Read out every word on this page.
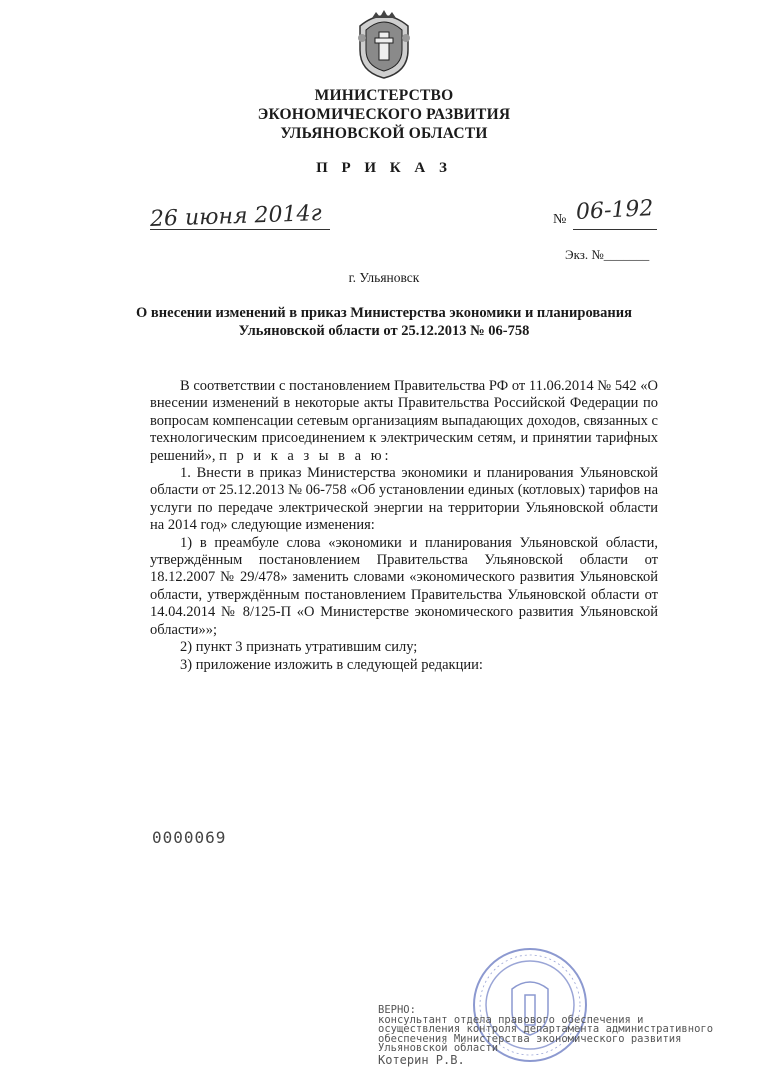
МИНИСТЕРСТВО
ЭКОНОМИЧЕСКОГО РАЗВИТИЯ
УЛЬЯНОВСКОЙ ОБЛАСТИ
П Р И К А З
26 июня 2014г	№ 06-192
Экз. №_______
г. Ульяновск
О внесении изменений в приказ Министерства экономики и планирования
Ульяновской области от 25.12.2013 № 06-758

В соответствии с постановлением Правительства РФ от 11.06.2014 № 542 «О внесении изменений в некоторые акты Правительства Российской Федерации по вопросам компенсации сетевым организациям выпадающих доходов, связанных с технологическим присоединением к электрическим сетям, и принятии тарифных решений», п р и к а з ы в а ю:

1. Внести в приказ Министерства экономики и планирования Ульяновской области от 25.12.2013 № 06-758 «Об установлении единых (котловых) тарифов на услуги по передаче электрической энергии на территории Ульяновской области на 2014 год» следующие изменения:

1) в преамбуле слова «экономики и планирования Ульяновской области, утверждённым постановлением Правительства Ульяновской области от 18.12.2007 № 29/478» заменить словами «экономического развития Ульяновской области, утверждённым постановлением Правительства Ульяновской области от 14.04.2014 № 8/125-П «О Министерстве экономического развития Ульяновской области»»;

2) пункт 3 признать утратившим силу;

3) приложение изложить в следующей редакции:

0000069
ВЕРНО:
консультант отдела правового обеспечения и
осуществления контроля департамента административного
обеспечения Министерства экономического развития
Ульяновской области
Котерин Р.В.
